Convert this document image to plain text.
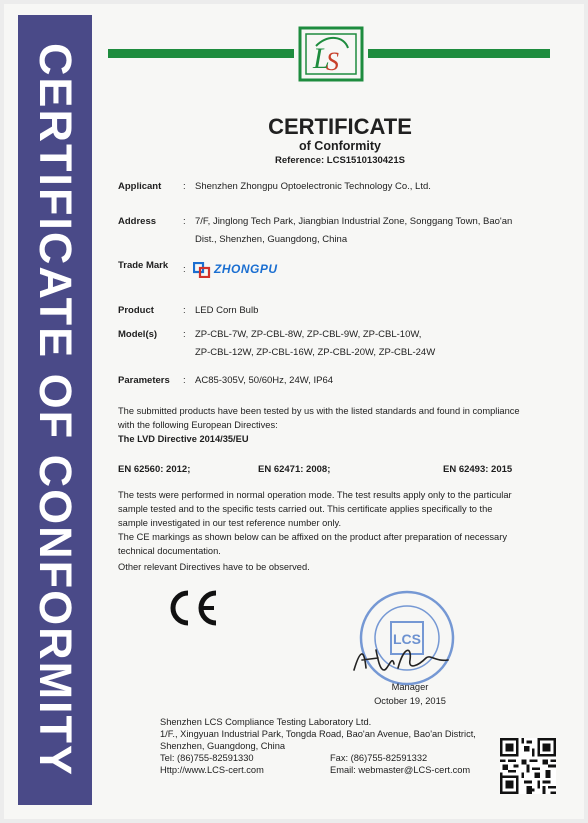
CERTIFICATE OF CONFORMITY	L
S
CERTIFICATE
of Conformity
Reference: LCS1510130421S
Applicant : Shenzhen Zhongpu Optoelectronic Technology Co., Ltd.
Address	: 7/F, Jinglong Tech Park, Jiangbian Industrial Zone, Songgang Town, Bao'an
Dist., Shenzhen, Guangdong, China
Trade Mark : ZHONGPU
Product	: LED Corn Bulb
Model(s)	: ZP-CBL-7W, ZP-CBL-8W, ZP-CBL-9W, ZP-CBL-10W,
ZP-CBL-12W, ZP-CBL-16W, ZP-CBL-20W, ZP-CBL-24W
Parameters : AC85-305V, 50/60Hz, 24W, IP64
The submitted products have been tested by us with the listed standards and found in compliance
with the following European Directives:
The LVD Directive 2014/35/EU
EN 62560: 2012;	EN 62471: 2008;	EN 62493: 2015
The tests were performed in normal operation mode. The test results apply only to the particular
sample tested and to the specific tests carried out. This certificate applies specifically to the
sample investigated in our test reference number only.
The CE markings as shown below can be affixed on the product after preparation of necessary
technical documentation.
Other relevant Directives have to be observed.
LCS
Manager
October 19, 2015
Shenzhen LCS Compliance Testing Laboratory Ltd.
1/F., Xingyuan Industrial Park, Tongda Road, Bao'an Avenue, Bao'an District,
Shenzhen, Guangdong, China
Tel: (86)755-82591330	Fax: (86)755-82591332
Http://www.LCS-cert.com	Email: webmaster@LCS-cert.com
